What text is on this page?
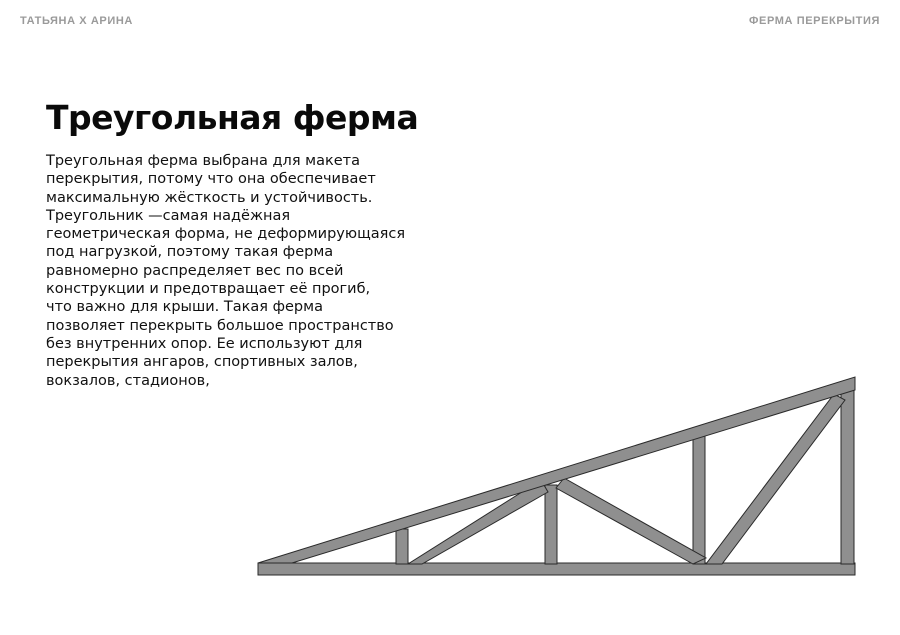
ТАТЬЯНА Х АРИНА	ФЕРМА ПЕРЕКРЫТИЯ
Треугольная ферма
Треугольная ферма выбрана для макета
перекрытия, потому что она обеспечивает
максимальную жёсткость и устойчивость.
Треугольник —самая надёжная
геометрическая форма, не деформирующаяся
под нагрузкой, поэтому такая ферма
равномерно распределяет вес по всей
конструкции и предотвращает её прогиб,
что важно для крыши. Такая ферма
позволяет перекрыть большое пространство
без внутренних опор. Ее используют для
перекрытия ангаров, спортивных залов,
вокзалов, стадионов,
